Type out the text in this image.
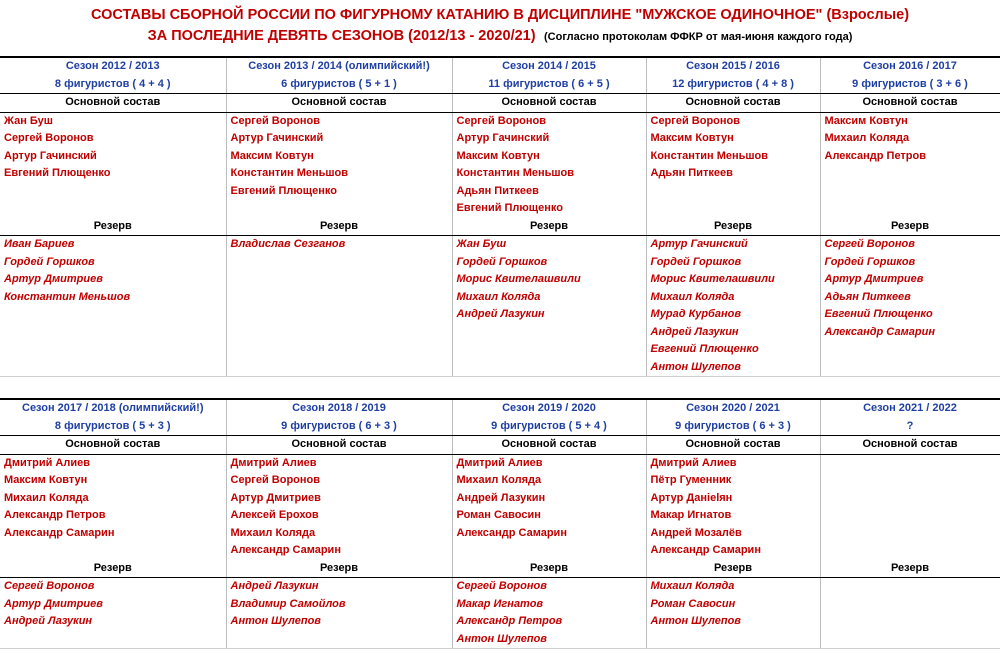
СОСТАВЫ СБОРНОЙ РОССИИ ПО ФИГУРНОМУ КАТАНИЮ В ДИСЦИПЛИНЕ "МУЖСКОЕ ОДИНОЧНОЕ" (Взрослые)
ЗА ПОСЛЕДНИЕ ДЕВЯТЬ СЕЗОНОВ (2012/13 - 2020/21) (Согласно протоколам ФФКР от мая-июня каждого года)
Сезон 2012 / 2013	Сезон 2013 / 2014 (олимпийский!)	Сезон 2014 / 2015	Сезон 2015 / 2016	Сезон 2016 / 2017
8 фигуристов ( 4 + 4 )	6 фигуристов ( 5 + 1 )	11 фигуристов ( 6 + 5 )	12 фигуристов ( 4 + 8 )	9 фигуристов ( 3 + 6 )
Основной состав	Основной состав	Основной состав	Основной состав	Основной состав
Жан Буш	Сергей Воронов	Сергей Воронов	Сергей Воронов	Максим Ковтун
Сергей Воронов	Артур Гачинский	Артур Гачинский	Максим Ковтун	Михаил Коляда
Артур Гачинский	Максим Ковтун	Максим Ковтун	Константин Меньшов	Александр Петров
Евгений Плющенко	Константин Меньшов	Константин Меньшов	Адьян Питкеев	
	Евгений Плющенко	Адьян Питкеев		
		Евгений Плющенко		
Резерв	Резерв	Резерв	Резерв	Резерв
Иван Бариев	Владислав Сезганов	Жан Буш	Артур Гачинский	Сергей Воронов
Гордей Горшков		Гордей Горшков	Гордей Горшков	Гордей Горшков
Артур Дмитриев		Морис Квителашвили	Морис Квителашвили	Артур Дмитриев
Константин Меньшов		Михаил Коляда	Михаил Коляда	Адьян Питкеев
		Андрей Лазукин	Мурад Курбанов	Евгений Плющенко
			Андрей Лазукин	Александр Самарин
			Евгений Плющенко	
			Антон Шулепов	
Сезон 2017 / 2018 (олимпийский!)	Сезон 2018 / 2019	Сезон 2019 / 2020	Сезон 2020 / 2021	Сезон 2021 / 2022
8 фигуристов ( 5 + 3 )	9 фигуристов ( 6 + 3 )	9 фигуристов ( 5 + 4 )	9 фигуристов ( 6 + 3 )	?
Основной состав	Основной состав	Основной состав	Основной состав	Основной состав
Дмитрий Алиев	Дмитрий Алиев	Дмитрий Алиев	Дмитрий Алиев	
Максим Ковтун	Сергей Воронов	Михаил Коляда	Пётр Гуменник	
Михаил Коляда	Артур Дмитриев	Андрей Лазукин	Артур Данielян	
Александр Петров	Алексей Ерохов	Роман Савосин	Макар Игнатов	
Александр Самарин	Михаил Коляда	Александр Самарин	Андрей Мозалёв	
	Александр Самарин		Александр Самарин	
Резерв	Резерв	Резерв	Резерв	Резерв
Сергей Воронов	Андрей Лазукин	Сергей Воронов	Михаил Коляда	
Артур Дмитриев	Владимир Самойлов	Макар Игнатов	Роман Савосин	
Андрей Лазукин	Антон Шулепов	Александр Петров	Антон Шулепов	
		Антон Шулепов		
